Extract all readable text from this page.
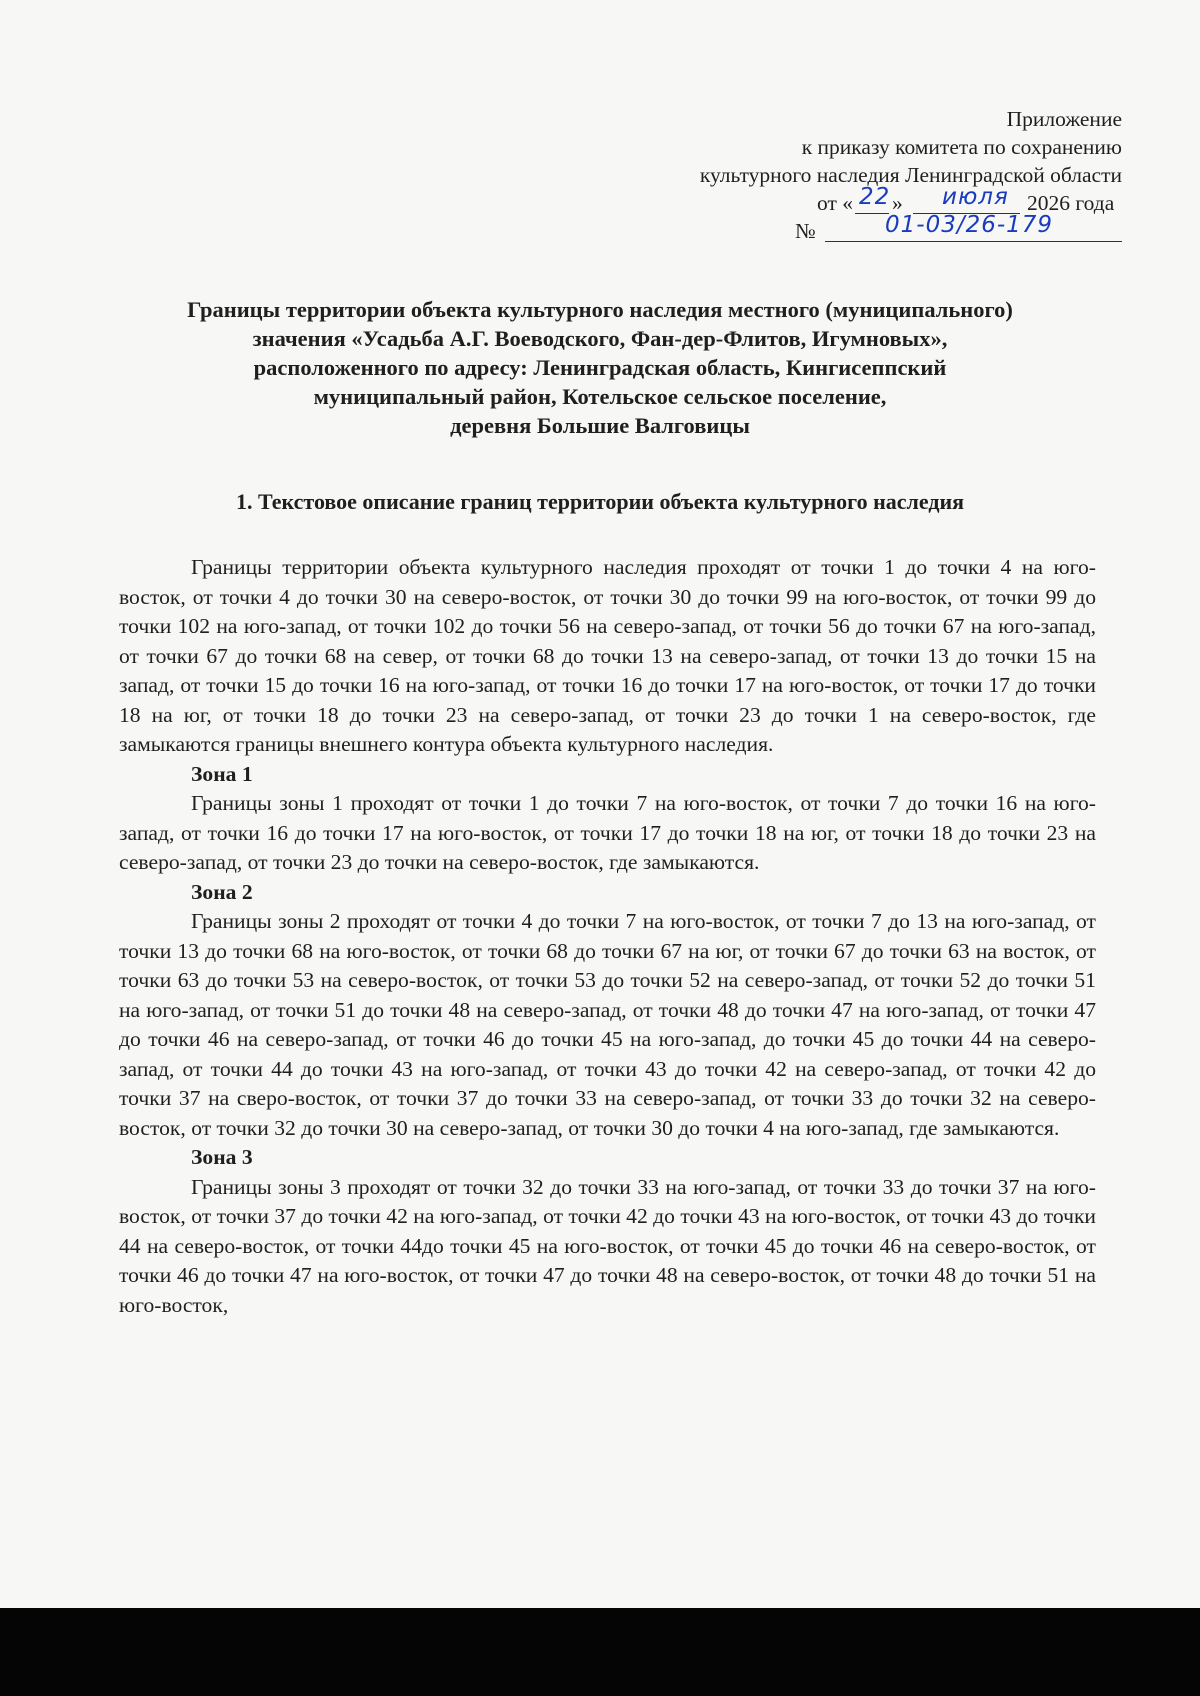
Приложение
к приказу комитета по сохранению
культурного наследия Ленинградской области
от « 22 » июля 2026 года
№	01-03/26-179
Границы территории объекта культурного наследия местного (муниципального)
значения «Усадьба А.Г. Воеводского, Фан-дер-Флитов, Игумновых»,
расположенного по адресу: Ленинградская область, Кингисеппский
муниципальный район, Котельское сельское поселение,
деревня Большие Валговицы
1. Текстовое описание границ территории объекта культурного наследия

Границы территории объекта культурного наследия проходят от точки 1 до точки 4 на юго-восток, от точки 4 до точки 30 на северо-восток, от точки 30 до точки 99 на юго-восток, от точки 99 до точки 102 на юго-запад, от точки 102 до точки 56 на северо-запад, от точки 56 до точки 67 на юго-запад, от точки 67 до точки 68 на север, от точки 68 до точки 13 на северо-запад, от точки 13 до точки 15 на запад, от точки 15 до точки 16 на юго-запад, от точки 16 до точки 17 на юго-восток, от точки 17 до точки 18 на юг, от точки 18 до точки 23 на северо-запад, от точки 23 до точки 1 на северо-восток, где замыкаются границы внешнего контура объекта культурного наследия.

Зона 1

Границы зоны 1 проходят от точки 1 до точки 7 на юго-восток, от точки 7 до точки 16 на юго-запад, от точки 16 до точки 17 на юго-восток, от точки 17 до точки 18 на юг, от точки 18 до точки 23 на северо-запад, от точки 23 до точки на северо-восток, где замыкаются.

Зона 2

Границы зоны 2 проходят от точки 4 до точки 7 на юго-восток, от точки 7 до 13 на юго-запад, от точки 13 до точки 68 на юго-восток, от точки 68 до точки 67 на юг, от точки 67 до точки 63 на восток, от точки 63 до точки 53 на северо-восток, от точки 53 до точки 52 на северо-запад, от точки 52 до точки 51 на юго-запад, от точки 51 до точки 48 на северо-запад, от точки 48 до точки 47 на юго-запад, от точки 47 до точки 46 на северо-запад, от точки 46 до точки 45 на юго-запад, до точки 45 до точки 44 на северо-запад, от точки 44 до точки 43 на юго-запад, от точки 43 до точки 42 на северо-запад, от точки 42 до точки 37 на сверо-восток, от точки 37 до точки 33 на северо-запад, от точки 33 до точки 32 на северо-восток, от точки 32 до точки 30 на северо-запад, от точки 30 до точки 4 на юго-запад, где замыкаются.

Зона 3

Границы зоны 3 проходят от точки 32 до точки 33 на юго-запад, от точки 33 до точки 37 на юго-восток, от точки 37 до точки 42 на юго-запад, от точки 42 до точки 43 на юго-восток, от точки 43 до точки 44 на северо-восток, от точки 44до точки 45 на юго-восток, от точки 45 до точки 46 на северо-восток, от точки 46 до точки 47 на юго-восток, от точки 47 до точки 48 на северо-восток, от точки 48 до точки 51 на юго-восток,
